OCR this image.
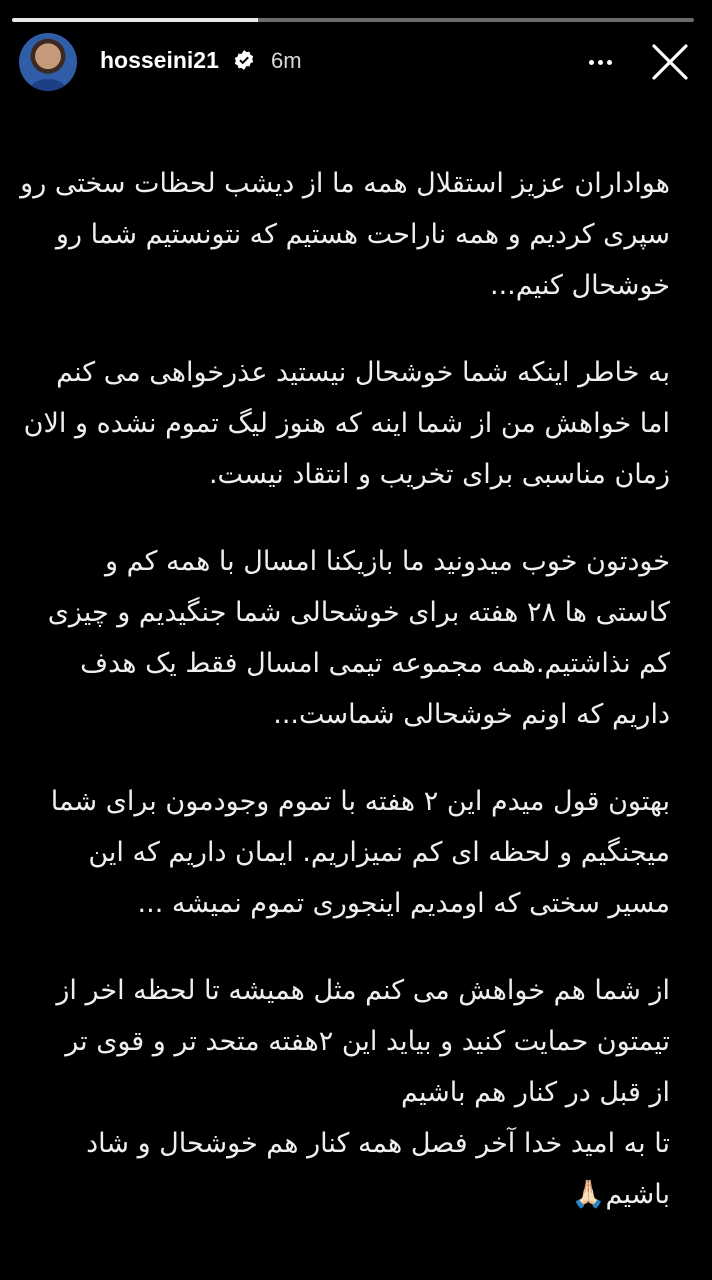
hosseini21 6m
هواداران عزیز استقلال همه ما از دیشب لحظات سختی رو
سپری کردیم و همه ناراحت هستیم که نتونستیم شما رو
خوشحال کنیم...
به خاطر اینکه شما خوشحال نیستید عذرخواهی می کنم
اما خواهش من از شما اینه که هنوز لیگ تموم نشده و الان
زمان مناسبی برای تخریب و انتقاد نیست.
خودتون خوب میدونید ما بازیکنا امسال با همه کم و
کاستی ها ۲۸ هفته برای خوشحالی شما جنگیدیم و چیزی
کم نذاشتیم.همه مجموعه تیمی امسال فقط یک هدف
داریم که اونم خوشحالی شماست...
بهتون قول میدم این ۲ هفته با تموم وجودمون برای شما
میجنگیم و لحظه ای کم نمیزاریم. ایمان داریم که این
مسیر سختی که اومدیم اینجوری تموم نمیشه ...
از شما هم خواهش می کنم مثل همیشه تا لحظه اخر از
تیمتون حمایت کنید و بیاید این ۲هفته متحد تر و قوی تر
از قبل در کنار هم باشیم
تا به امید خدا آخر فصل همه کنار هم خوشحال و شاد
باشیم🙏🏻
